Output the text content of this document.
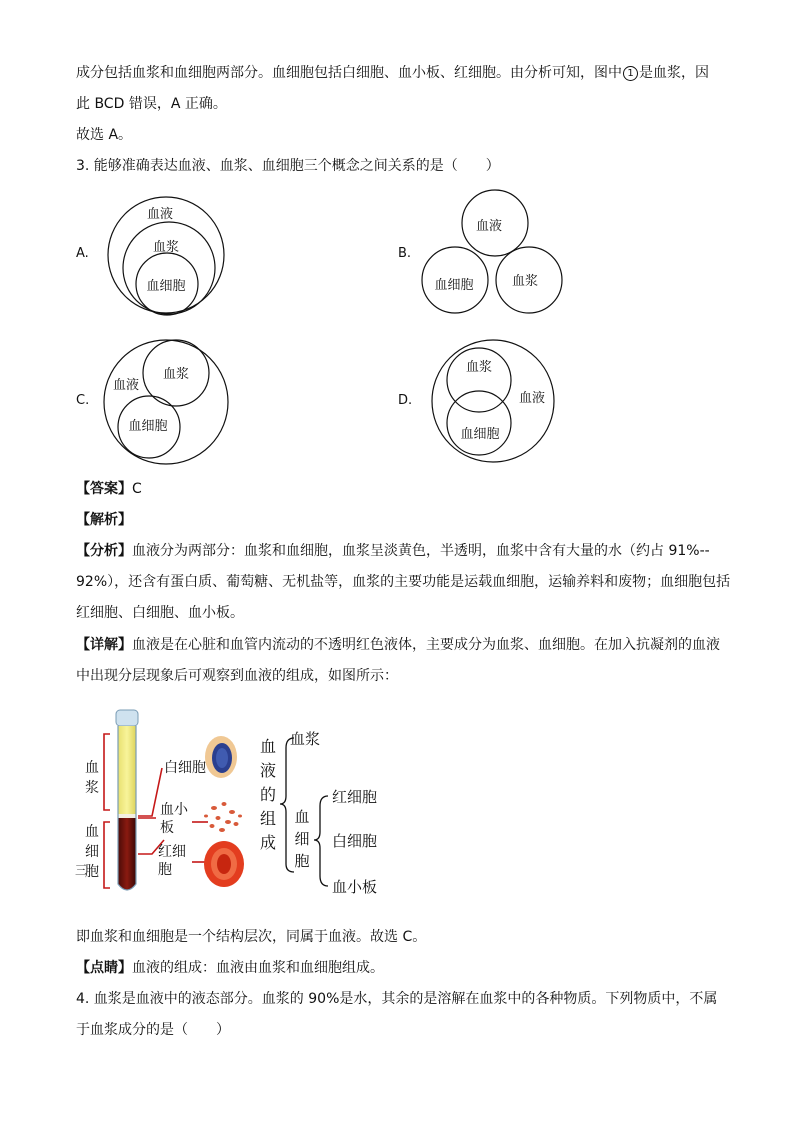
成分包括血浆和血细胞两部分。血细胞包括白细胞、血小板、红细胞。由分析可知，图中 1 是血浆，因
此 BCD 错误，A 正确。
故选 A。
3. 能够准确表达血液、血浆、血细胞三个概念之间关系的是（　　）
A.
血液
血浆
血细胞
B.
血液
血细胞	血浆
C.
血液
血浆
血细胞
D.
血浆
血液
血细胞
【答案】C
【解析】
【分析】血液分为两部分：血浆和血细胞，血浆呈淡黄色，半透明，血浆中含有大量的水（约占 91%--
92%），还含有蛋白质、葡萄糖、无机盐等，血浆的主要功能是运载血细胞，运输养料和废物；血细胞包括
红细胞、白细胞、血小板。
【详解】血液是在心脏和血管内流动的不透明红色液体，主要成分为血浆、血细胞。在加入抗凝剂的血液
中出现分层现象后可观察到血液的组成，如图所示：
血
浆
血
细
胞
三
白细胞
血小
板
红细
胞
血
液
的
组
成
血浆
血
细
胞
红细胞
白细胞
血小板
即血浆和血细胞是一个结构层次，同属于血液。故选 C。
【点睛】血液的组成：血液由血浆和血细胞组成。
4. 血浆是血液中的液态部分。血浆的 90%是水，其余的是溶解在血浆中的各种物质。下列物质中，不属
于血浆成分的是（　　）
